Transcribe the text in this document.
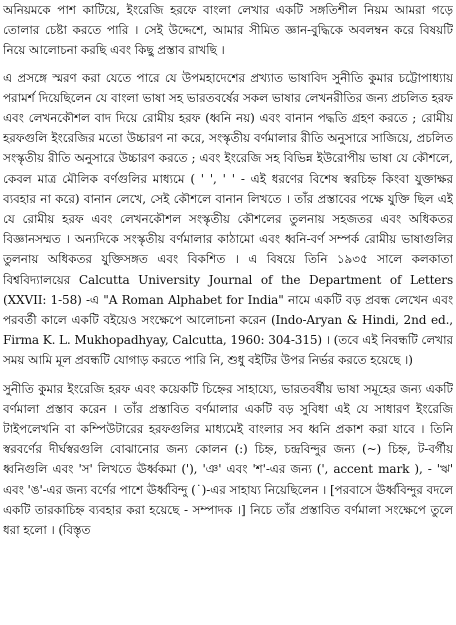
অনিয়মকে পাশ কাটিয়ে, ইংরেজি হরফে বাংলা লেখার একটি সঙ্গতিশীল নিয়ম আমরা গড়ে তোলার চেষ্টা করতে পারি । সেই উদ্দেশে, আমার সীমিত জ্ঞান-বুদ্ধিকে অবলম্বন করে বিষয়টি নিয়ে আলোচনা করছি এবং কিছু প্রস্তাব রাখছি ।

এ প্রসঙ্গে স্মরণ করা যেতে পারে যে উপমহাদেশের প্রখ্যাত ভাষাবিদ সুনীতি কুমার চট্টোপাধ্যায় পরামর্শ দিয়েছিলেন যে বাংলা ভাষা সহ ভারতবর্ষের সকল ভাষার লেখনরীতির জন্য প্রচলিত হরফ এবং লেখনকৌশল বাদ দিয়ে রোমীয় হরফ (ধ্বনি নয়) এবং বানান পদ্ধতি গ্রহণ করতে ; রোমীয় হরফগুলি ইংরেজির মতো উচ্চারণ না করে, সংস্কৃতীয় বর্ণমালার রীতি অনুসারে সাজিয়ে, প্রচলিত সংস্কৃতীয় রীতি অনুসারে উচ্চারণ করতে ; এবং ইংরেজি সহ বিভিন্ন ইউরোপীয় ভাষা যে কৌশলে, কেবল মাত্র মৌলিক বর্ণগুলির মাধ্যমে ( ' ', ' ' - এই ধরণের বিশেষ স্বরচিহ্ন কিংবা যুক্তাক্ষর ব্যবহার না করে) বানান লেখে, সেই কৌশলে বানান লিখতে । তাঁর প্রস্তাবের পক্ষে যুক্তি ছিল এই যে রোমীয় হরফ এবং লেখনকৌশল সংস্কৃতীয় কৌশলের তুলনায় সহজতর এবং অধিকতর বিজ্ঞানসম্মত । অন্যদিকে সংস্কৃতীয় বর্ণমালার কাঠামো এবং ধ্বনি-বর্ণ সম্পর্ক রোমীয় ভাষাগুলির তুলনায় অধিকতর যুক্তিসঙ্গত এবং বিকশিত । এ বিষয়ে তিনি ১৯৩৫ সালে কলকাতা বিশ্ববিদ্যালয়ের Calcutta University Journal of the Department of Letters (XXVII: 1-58) -এ "A Roman Alphabet for India" নামে একটি বড় প্রবন্ধ লেখেন এবং পরবর্তী কালে একটি বইয়েও সংক্ষেপে আলোচনা করেন (Indo-Aryan & Hindi, 2nd ed., Firma K. L. Mukhopadhyay, Calcutta, 1960: 304-315) । (তবে এই নিবন্ধটি লেখার সময় আমি মূল প্রবন্ধটি যোগাড় করতে পারি নি, শুধু বইটির উপর নির্ভর করতে হয়েছে ।)

সুনীতি কুমার ইংরেজি হরফ এবং কয়েকটি চিহ্নের সাহায্যে, ভারতবর্ষীয় ভাষা সমূহের জন্য একটি বর্ণমালা প্রস্তাব করেন । তাঁর প্রস্তাবিত বর্ণমালার একটি বড় সুবিধা এই যে সাধারণ ইংরেজি টাইপলেখনি বা কম্পিউটারের হরফগুলির মাধ্যমেই বাংলার সব ধ্বনি প্রকাশ করা যাবে । তিনি স্বরবর্ণের দীর্ঘস্বরগুলি বোঝানোর জন্য কোলন (:) চিহ্ন, চন্দ্রবিন্দুর জন্য (~) চিহ্ন, ট-বর্গীয় ধ্বনিগুলি এবং 'স' লিখতে ঊর্ধ্বকমা ('), 'ঞ' এবং 'শ'-এর জন্য (', accent mark ), - 'ঋ' এবং 'ঙ'-এর জন্য বর্ণের পাশে ঊর্ধ্ববিন্দু (˙)-এর সাহায্য নিয়েছিলেন । [পরবাসে ঊর্ধ্ববিন্দুর বদলে একটি তারকাচিহ্ন ব্যবহার করা হয়েছে - সম্পাদক ।] নিচে তাঁর প্রস্তাবিত বর্ণমালা সংক্ষেপে তুলে ধরা হলো । (বিস্তৃত
